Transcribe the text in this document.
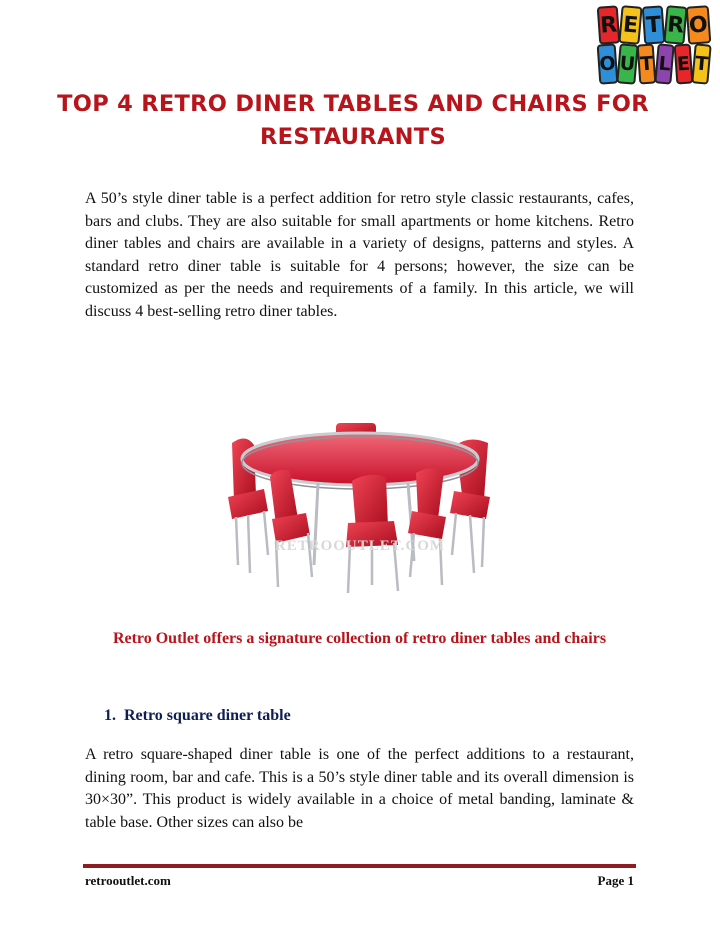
R E T R O
O U T L E T
TOP 4 RETRO DINER TABLES AND CHAIRS FOR RESTAURANTS

A 50’s style diner table is a perfect addition for retro style classic restaurants, cafes, bars and clubs. They are also suitable for small apartments or home kitchens. Retro diner tables and chairs are available in a variety of designs, patterns and styles. A standard retro diner table is suitable for 4 persons; however, the size can be customized as per the needs and requirements of a family. In this article, we will discuss 4 best-selling retro diner tables.

RETROOUTLET.COM

Retro Outlet offers a signature collection of retro diner tables and chairs

1. Retro square diner table

A retro square-shaped diner table is one of the perfect additions to a restaurant, dining room, bar and cafe. This is a 50’s style diner table and its overall dimension is 30×30”. This product is widely available in a choice of metal banding, laminate & table base. Other sizes can also be

retrooutlet.com	Page 1
